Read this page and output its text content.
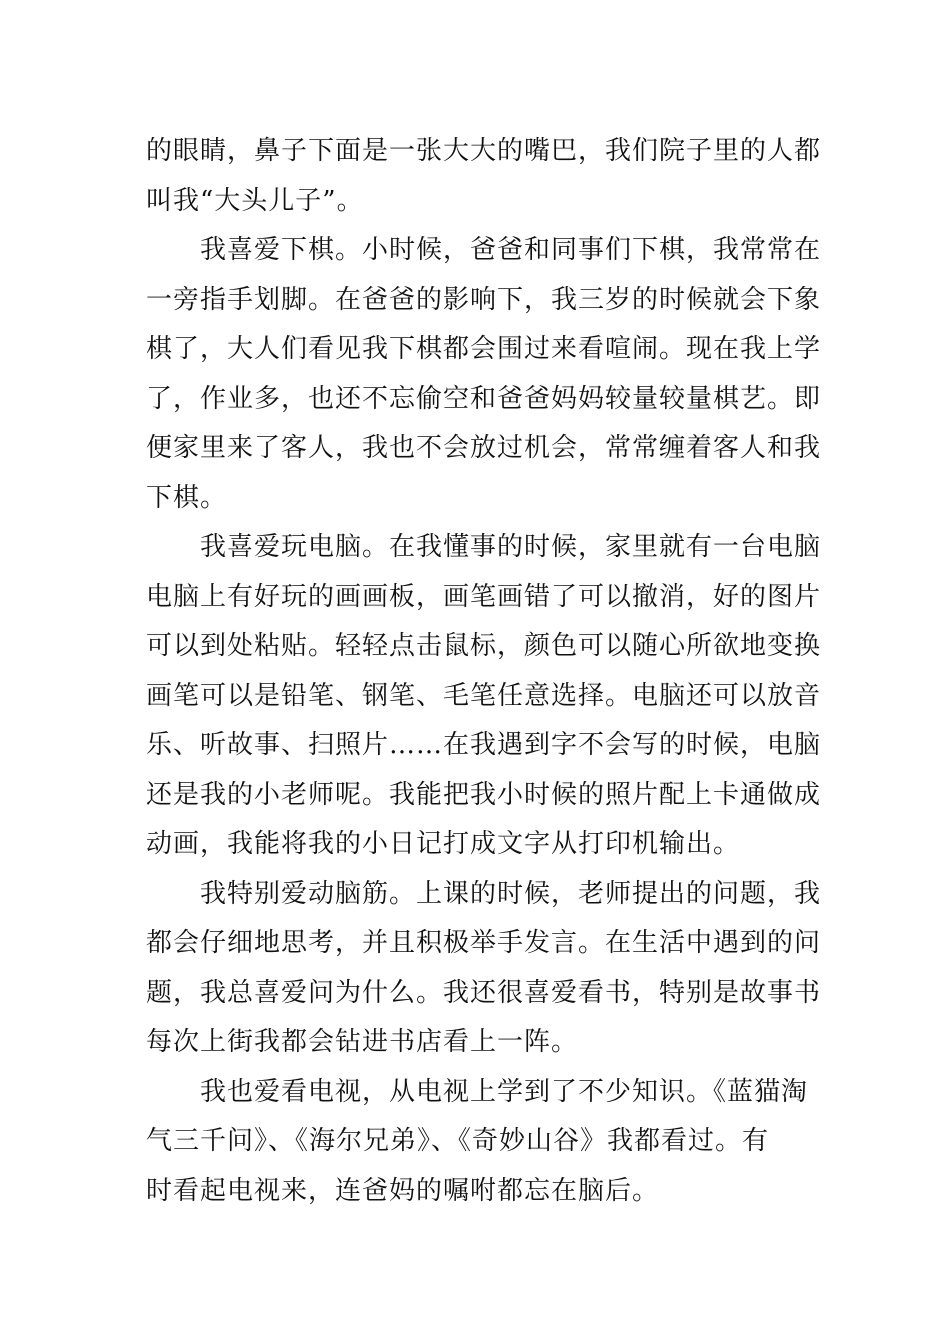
的眼睛，鼻子下面是一张大大的嘴巴，我们院子里的人都
叫我“大头儿子”。
我喜爱下棋。小时候，爸爸和同事们下棋，我常常在
一旁指手划脚。在爸爸的影响下，我三岁的时候就会下象
棋了，大人们看见我下棋都会围过来看喧闹。现在我上学
了，作业多，也还不忘偷空和爸爸妈妈较量较量棋艺。即
便家里来了客人，我也不会放过机会，常常缠着客人和我
下棋。
我喜爱玩电脑。在我懂事的时候，家里就有一台电脑
电脑上有好玩的画画板，画笔画错了可以撤消，好的图片
可以到处粘贴。轻轻点击鼠标，颜色可以随心所欲地变换
画笔可以是铅笔、钢笔、毛笔任意选择。电脑还可以放音
乐、听故事、扫照片……在我遇到字不会写的时候，电脑
还是我的小老师呢。我能把我小时候的照片配上卡通做成
动画，我能将我的小日记打成文字从打印机输出。
我特别爱动脑筋。上课的时候，老师提出的问题，我
都会仔细地思考，并且积极举手发言。在生活中遇到的问
题，我总喜爱问为什么。我还很喜爱看书，特别是故事书
每次上街我都会钻进书店看上一阵。
我也爱看电视，从电视上学到了不少知识。《蓝猫淘
气三千问》、《海尔兄弟》、《奇妙山谷》我都看过。有
时看起电视来，连爸妈的嘱咐都忘在脑后。
